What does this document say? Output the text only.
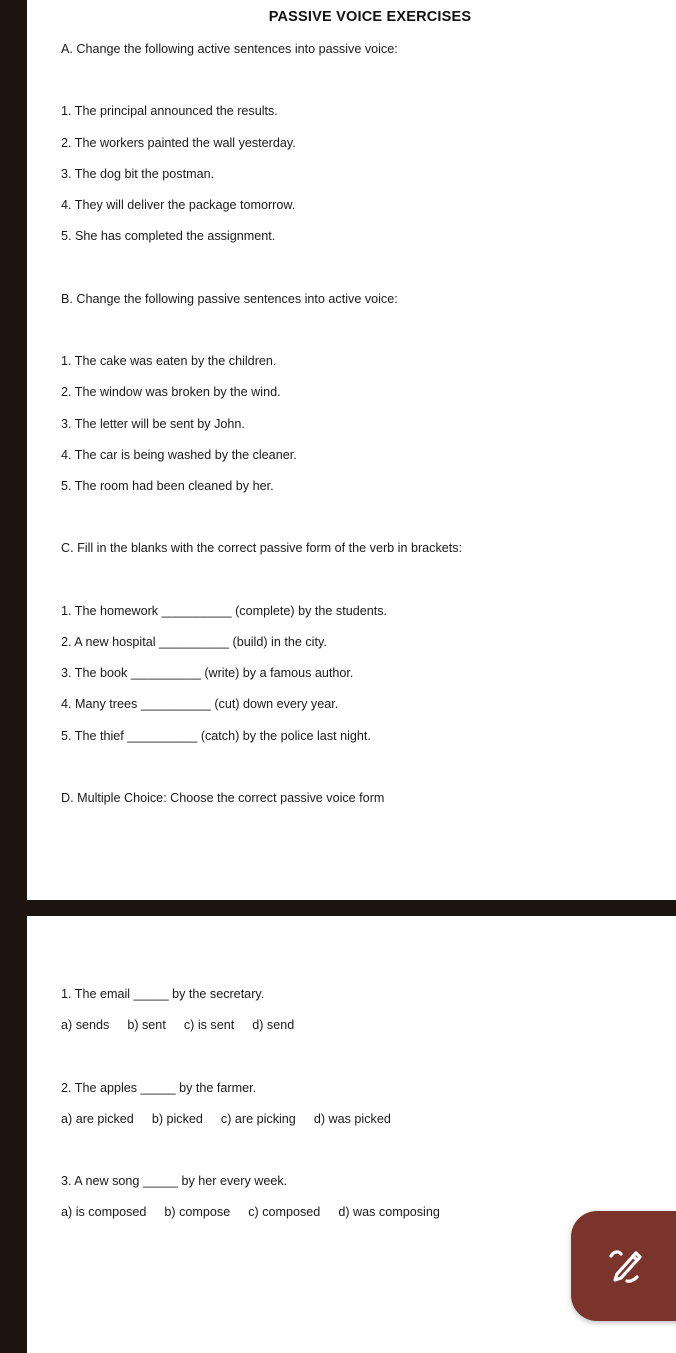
PASSIVE VOICE EXERCISES
A. Change the following active sentences into passive voice:
1. The principal announced the results.
2. The workers painted the wall yesterday.
3. The dog bit the postman.
4. They will deliver the package tomorrow.
5. She has completed the assignment.
B. Change the following passive sentences into active voice:
1. The cake was eaten by the children.
2. The window was broken by the wind.
3. The letter will be sent by John.
4. The car is being washed by the cleaner.
5. The room had been cleaned by her.
C. Fill in the blanks with the correct passive form of the verb in brackets:
1. The homework __________ (complete) by the students.
2. A new hospital __________ (build) in the city.
3. The book __________ (write) by a famous author.
4. Many trees __________ (cut) down every year.
5. The thief __________ (catch) by the police last night.
D. Multiple Choice: Choose the correct passive voice form
1. The email _____ by the secretary.
a) sends b) sent c) is sent d) send
2. The apples _____ by the farmer.
a) are picked b) picked c) are picking d) was picked
3. A new song _____ by her every week.
a) is composed b) compose c) composed d) was composing
